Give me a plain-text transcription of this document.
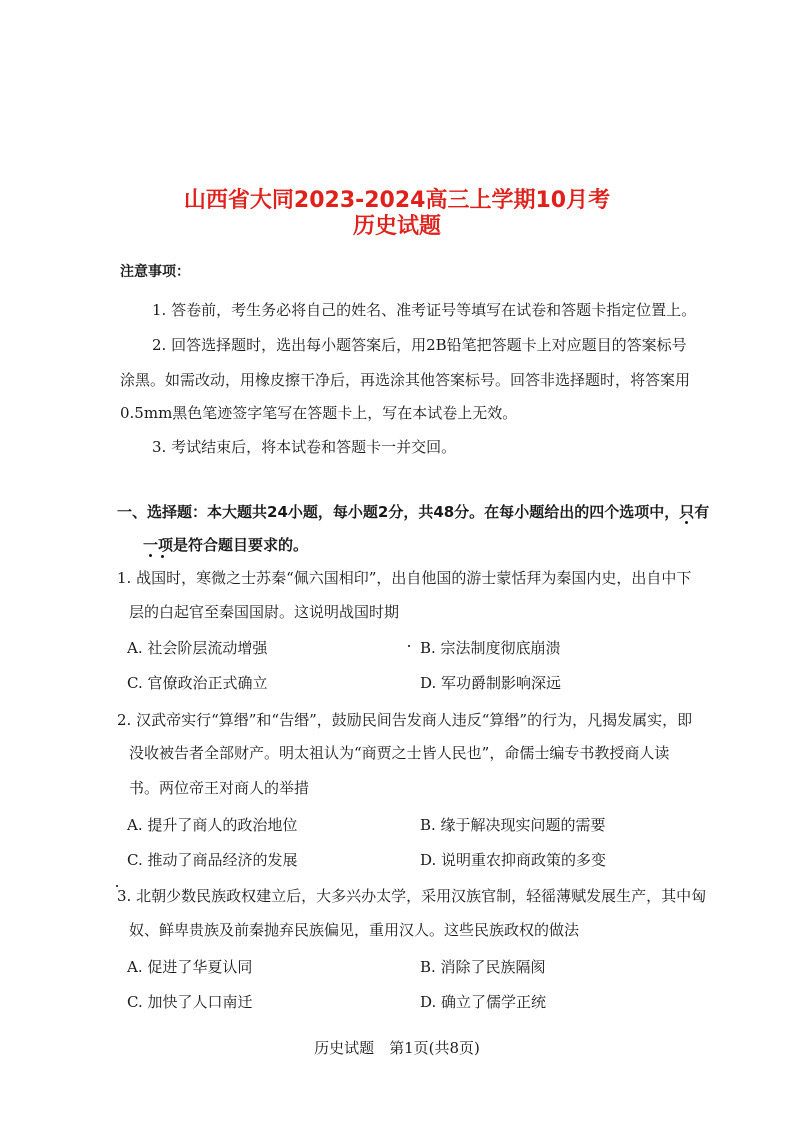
山西省大同2023-2024高三上学期10月考
历史试题
注意事项：
1. 答卷前，考生务必将自己的姓名、准考证号等填写在试卷和答题卡指定位置上。
2. 回答选择题时，选出每小题答案后，用2B铅笔把答题卡上对应题目的答案标号
涂黑。如需改动，用橡皮擦干净后，再选涂其他答案标号。回答非选择题时，将答案用
0.5mm黑色笔迹签字笔写在答题卡上，写在本试卷上无效。
3. 考试结束后，将本试卷和答题卡一并交回。
一、选择题：本大题共24小题，每小题2分，共48分。在每小题给出的四个选项中，只有
一项是符合题目要求的。
1. 战国时，寒微之士苏秦“佩六国相印”，出自他国的游士蒙恬拜为秦国内史，出自中下
层的白起官至秦国国尉。这说明战国时期
A. 社会阶层流动增强	B. 宗法制度彻底崩溃
C. 官僚政治正式确立	D. 军功爵制影响深远
2. 汉武帝实行“算缗”和“告缗”，鼓励民间告发商人违反“算缗”的行为，凡揭发属实，即
没收被告者全部财产。明太祖认为“商贾之士皆人民也”，命儒士编专书教授商人读
书。两位帝王对商人的举措
A. 提升了商人的政治地位	B. 缘于解决现实问题的需要
C. 推动了商品经济的发展	D. 说明重农抑商政策的多变
3. 北朝少数民族政权建立后，大多兴办太学，采用汉族官制，轻徭薄赋发展生产，其中匈
奴、鲜卑贵族及前秦抛弃民族偏见，重用汉人。这些民族政权的做法
A. 促进了华夏认同	B. 消除了民族隔阂
C. 加快了人口南迁	D. 确立了儒学正统
历史试题　第1页(共8页)
